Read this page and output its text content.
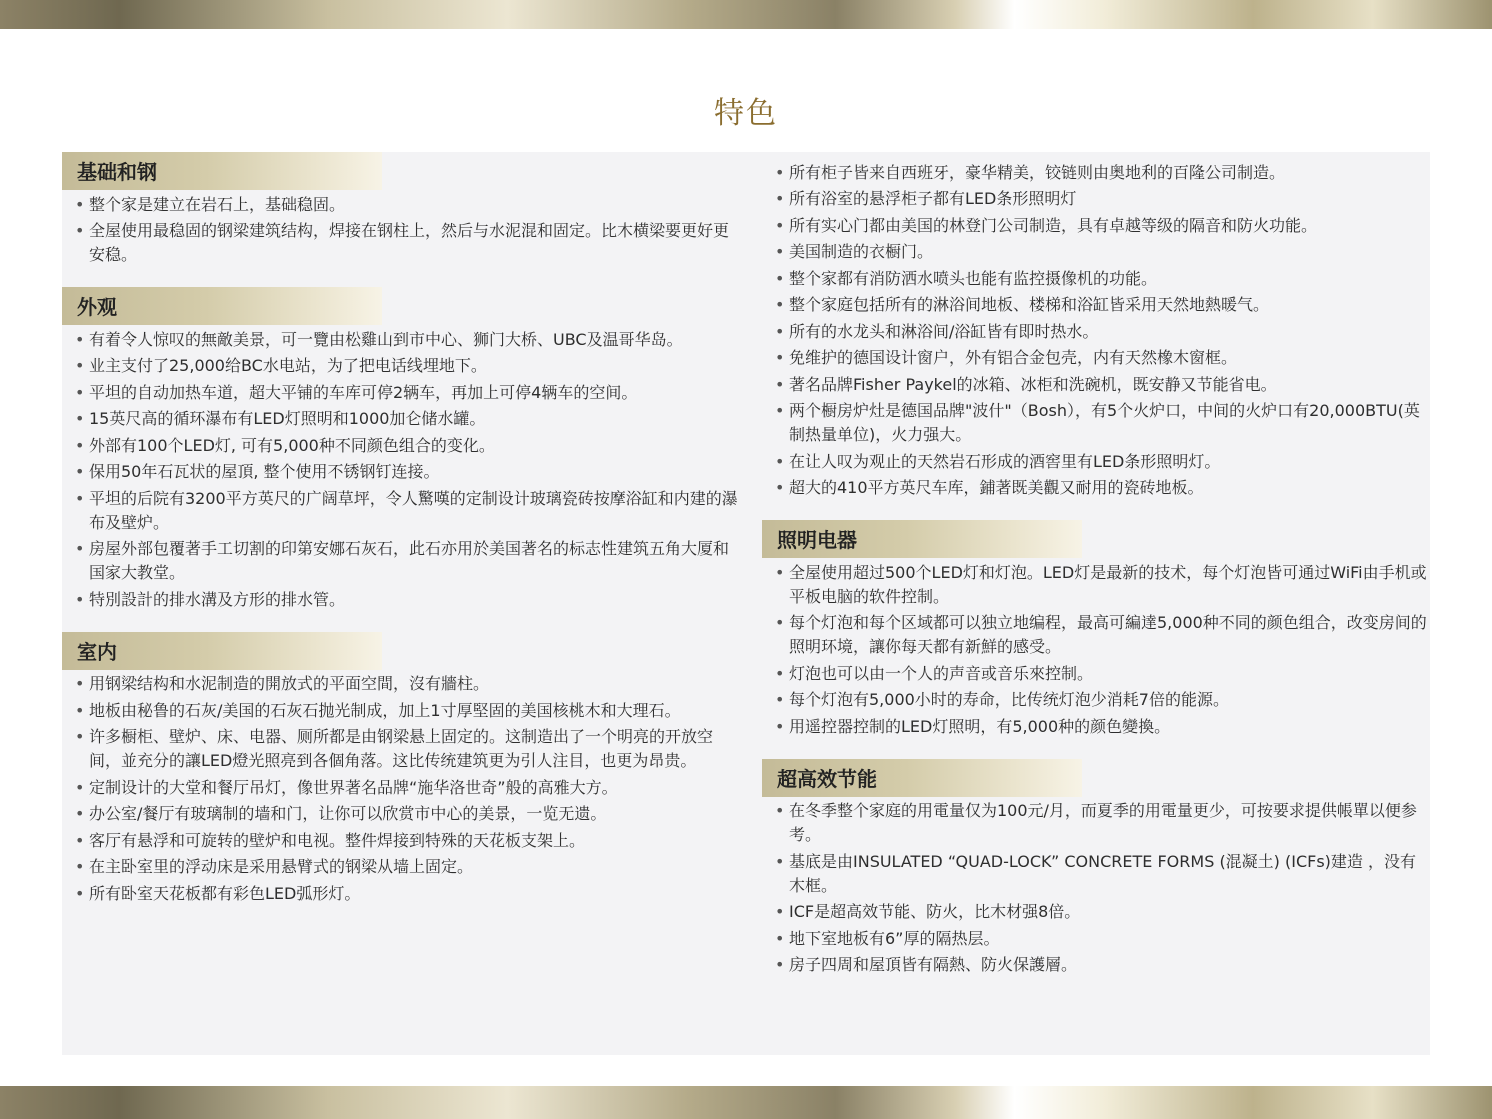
特色
基础和钢
• 整个家是建立在岩石上，基础稳固。
• 全屋使用最稳固的钢梁建筑结构，焊接在钢柱上，然后与水泥混和固定。比木横梁要更好更安稳。
外观
• 有着令人惊叹的無敵美景，可一覽由松雞山到市中心、狮门大桥、UBC及温哥华岛。
• 业主支付了25,000给BC水电站，为了把电话线埋地下。
• 平坦的自动加热车道，超大平铺的车库可停2辆车，再加上可停4辆车的空间。
• 15英尺高的循环瀑布有LED灯照明和1000加仑储水罐。
• 外部有100个LED灯, 可有5,000种不同颜色组合的变化。
• 保用50年石瓦状的屋頂, 整个使用不锈钢钉连接。
• 平坦的后院有3200平方英尺的广阔草坪，令人驚嘆的定制设计玻璃瓷砖按摩浴缸和内建的瀑布及壁炉。
• 房屋外部包覆著手工切割的印第安娜石灰石，此石亦用於美国著名的标志性建筑五角大厦和国家大教堂。
• 特別設計的排水溝及方形的排水管。
室内
• 用钢梁结构和水泥制造的開放式的平面空間，沒有牆柱。
• 地板由秘鲁的石灰/美国的石灰石抛光制成，加上1寸厚堅固的美国核桃木和大理石。
• 许多橱柜、壁炉、床、电器、厕所都是由钢梁悬上固定的。这制造出了一个明亮的开放空间，並充分的讓LED燈光照亮到各個角落。这比传统建筑更为引人注目，也更为昂贵。
• 定制设计的大堂和餐厅吊灯，像世界著名品牌“施华洛世奇”般的高雅大方。
• 办公室/餐厅有玻璃制的墙和门，让你可以欣赏市中心的美景，一览无遗。
• 客厅有悬浮和可旋转的壁炉和电视。整件焊接到特殊的天花板支架上。
• 在主卧室里的浮动床是采用悬臂式的钢梁从墙上固定。
• 所有卧室天花板都有彩色LED弧形灯。
• 所有柜子皆来自西班牙，豪华精美，铰链则由奥地利的百隆公司制造。
• 所有浴室的悬浮柜子都有LED条形照明灯
• 所有实心门都由美国的林登门公司制造，具有卓越等级的隔音和防火功能。
• 美国制造的衣橱门。
• 整个家都有消防洒水喷头也能有监控摄像机的功能。
• 整个家庭包括所有的淋浴间地板、楼梯和浴缸皆采用天然地熱暖气。
• 所有的水龙头和淋浴间/浴缸皆有即时热水。
• 免维护的德国设计窗户，外有铝合金包壳，内有天然橡木窗框。
• 著名品牌Fisher Paykel的冰箱、冰柜和洗碗机，既安静又节能省电。
• 两个橱房炉灶是德国品牌"波什"（Bosh），有5个火炉口，中间的火炉口有20,000BTU(英制热量单位)，火力强大。
• 在让人叹为观止的天然岩石形成的酒窖里有LED条形照明灯。
• 超大的410平方英尺车库，鋪著既美觀又耐用的瓷砖地板。
照明电器
• 全屋使用超过500个LED灯和灯泡。LED灯是最新的技术，每个灯泡皆可通过WiFi由手机或平板电脑的软件控制。
• 每个灯泡和每个区域都可以独立地编程，最高可編達5,000种不同的颜色组合，改变房间的照明环境，讓你每天都有新鮮的感受。
• 灯泡也可以由一个人的声音或音乐來控制。
• 每个灯泡有5,000小时的寿命，比传统灯泡少消耗7倍的能源。
• 用遥控器控制的LED灯照明，有5,000种的颜色變換。
超高效节能
• 在冬季整个家庭的用電量仅为100元/月，而夏季的用電量更少，可按要求提供帳單以便参考。
• 基底是由INSULATED “QUAD-LOCK” CONCRETE FORMS (混凝土) (ICFs)建造 ，没有木框。
• ICF是超高效节能、防火，比木材强8倍。
• 地下室地板有6”厚的隔热层。
• 房子四周和屋頂皆有隔熱、防火保護層。
